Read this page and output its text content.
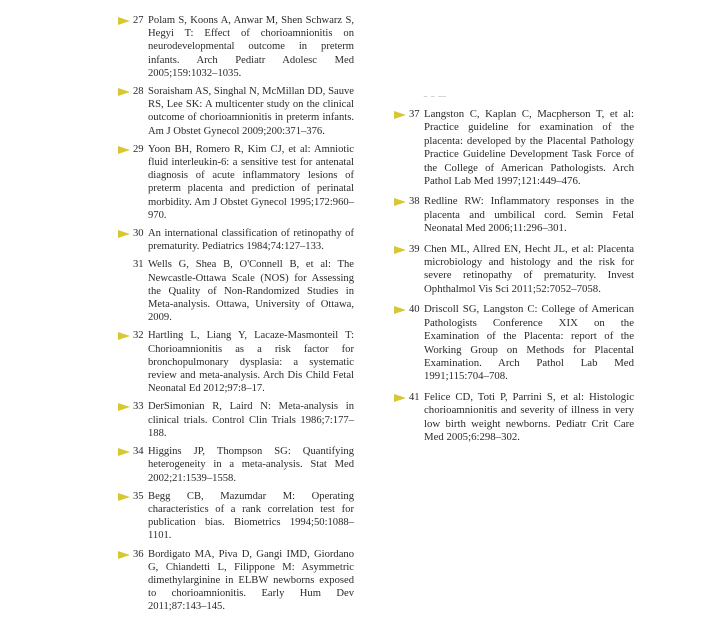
‾ ‾ ‾‾
27 Polam S, Koons A, Anwar M, Shen Schwarz S, Hegyi T: Effect of chorioamnionitis on neurodevelopmental outcome in preterm infants. Arch Pediatr Adolesc Med 2005;159:1032–1035.
28 Soraisham AS, Singhal N, McMillan DD, Sauve RS, Lee SK: A multicenter study on the clinical outcome of chorioamnionitis in preterm infants. Am J Obstet Gynecol 2009;200:371–376.
29 Yoon BH, Romero R, Kim CJ, et al: Amniotic fluid interleukin-6: a sensitive test for antenatal diagnosis of acute inflammatory lesions of preterm placenta and prediction of perinatal morbidity. Am J Obstet Gynecol 1995;172:960–970.
30 An international classification of retinopathy of prematurity. Pediatrics 1984;74:127–133.
31 Wells G, Shea B, O'Connell B, et al: The Newcastle-Ottawa Scale (NOS) for Assessing the Quality of Non-Randomized Studies in Meta-analysis. Ottawa, University of Ottawa, 2009.
32 Hartling L, Liang Y, Lacaze-Masmonteil T: Chorioamnionitis as a risk factor for bronchopulmonary dysplasia: a systematic review and meta-analysis. Arch Dis Child Fetal Neonatal Ed 2012;97:8–17.
33 DerSimonian R, Laird N: Meta-analysis in clinical trials. Control Clin Trials 1986;7:177–188.
34 Higgins JP, Thompson SG: Quantifying heterogeneity in a meta-analysis. Stat Med 2002;21:1539–1558.
35 Begg CB, Mazumdar M: Operating characteristics of a rank correlation test for publication bias. Biometrics 1994;50:1088–1101.
36 Bordigato MA, Piva D, Gangi IMD, Giordano G, Chiandetti L, Filippone M: Asymmetric dimethylarginine in ELBW newborns exposed to chorioamnionitis. Early Hum Dev 2011;87:143–145.
37 Langston C, Kaplan C, Macpherson T, et al: Practice guideline for examination of the placenta: developed by the Placental Pathology Practice Guideline Development Task Force of the College of American Pathologists. Arch Pathol Lab Med 1997;121:449–476.
38 Redline RW: Inflammatory responses in the placenta and umbilical cord. Semin Fetal Neonatal Med 2006;11:296–301.
39 Chen ML, Allred EN, Hecht JL, et al: Placenta microbiology and histology and the risk for severe retinopathy of prematurity. Invest Ophthalmol Vis Sci 2011;52:7052–7058.
40 Driscoll SG, Langston C: College of American Pathologists Conference XIX on the Examination of the Placenta: report of the Working Group on Methods for Placental Examination. Arch Pathol Lab Med 1991;115:704–708.
41 Felice CD, Toti P, Parrini S, et al: Histologic chorioamnionitis and severity of illness in very low birth weight newborns. Pediatr Crit Care Med 2005;6:298–302.
